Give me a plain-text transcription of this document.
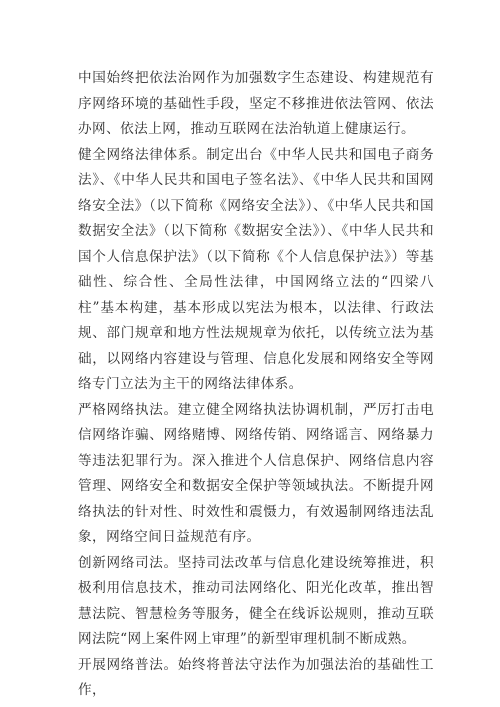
中国始终把依法治网作为加强数字生态建设、构建规范有序网络环境的基础性手段，坚定不移推进依法管网、依法办网、依法上网，推动互联网在法治轨道上健康运行。

健全网络法律体系。制定出台《中华人民共和国电子商务法》、《中华人民共和国电子签名法》、《中华人民共和国网络安全法》（以下简称《网络安全法》）、《中华人民共和国数据安全法》（以下简称《数据安全法》）、《中华人民共和国个人信息保护法》（以下简称《个人信息保护法》）等基础性、综合性、全局性法律，中国网络立法的“四梁八柱”基本构建，基本形成以宪法为根本，以法律、行政法规、部门规章和地方性法规规章为依托，以传统立法为基础，以网络内容建设与管理、信息化发展和网络安全等网络专门立法为主干的网络法律体系。

严格网络执法。建立健全网络执法协调机制，严厉打击电信网络诈骗、网络赌博、网络传销、网络谣言、网络暴力等违法犯罪行为。深入推进个人信息保护、网络信息内容管理、网络安全和数据安全保护等领域执法。不断提升网络执法的针对性、时效性和震慑力，有效遏制网络违法乱象，网络空间日益规范有序。

创新网络司法。坚持司法改革与信息化建设统筹推进，积极利用信息技术，推动司法网络化、阳光化改革，推出智慧法院、智慧检务等服务，健全在线诉讼规则，推动互联网法院“网上案件网上审理”的新型审理机制不断成熟。

开展网络普法。始终将普法守法作为加强法治的基础性工作，
